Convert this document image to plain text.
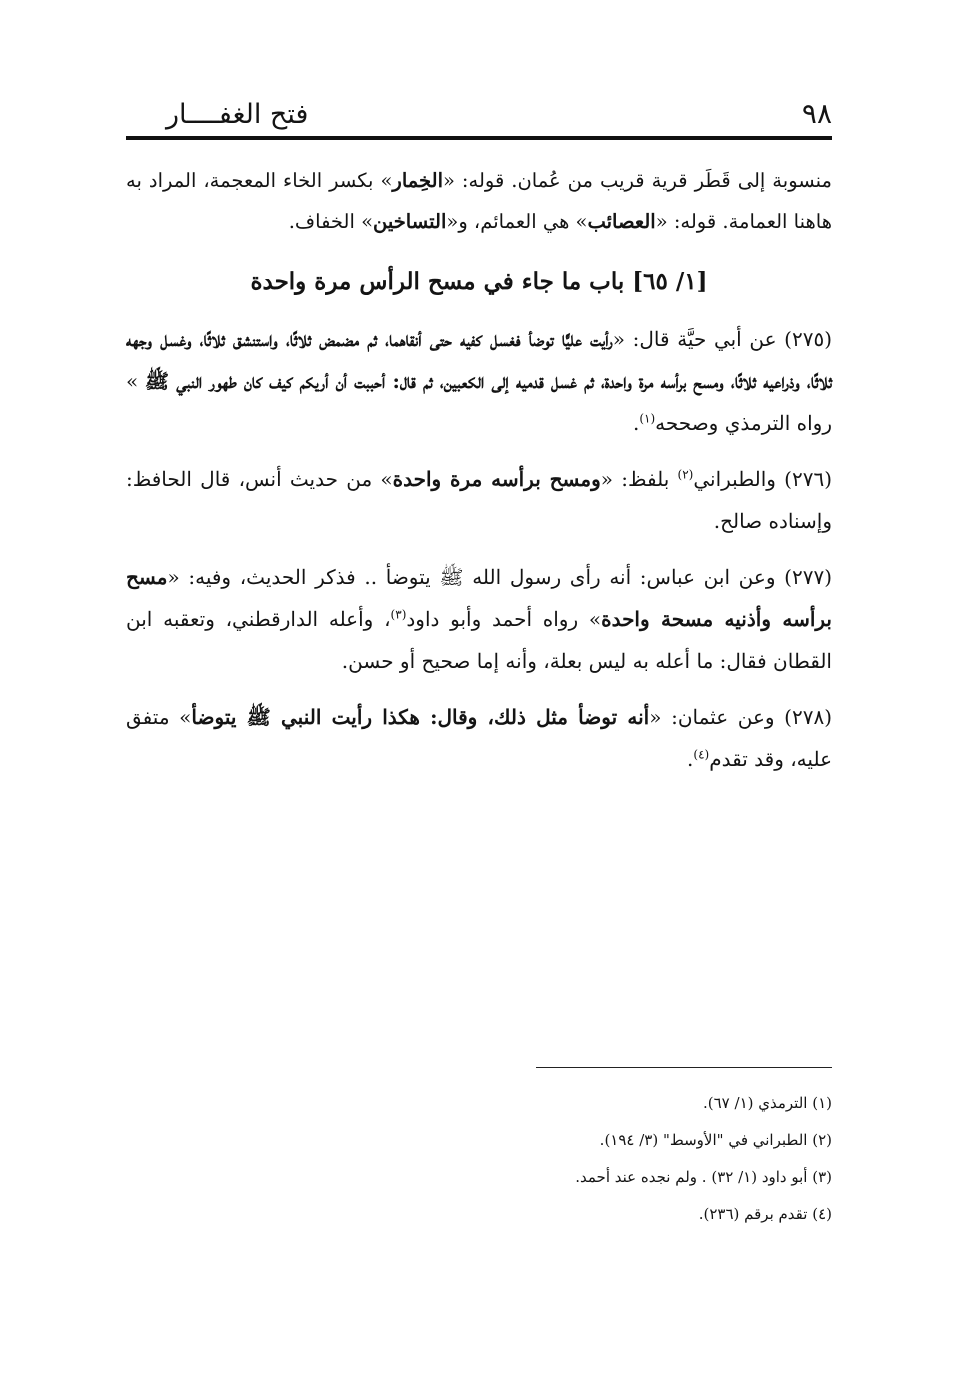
٩٨
فتح الغفــــار

منسوبة إلى قَطَر قرية قريب من عُمان. قوله: «الخِمار» بكسر الخاء المعجمة، المراد به هاهنا العمامة. قوله: «العصائب» هي العمائم، و«التساخين» الخفاف.

[١/ ٦٥] باب ما جاء في مسح الرأس مرة واحدة

(٢٧٥) عن أبي حيَّة قال: «رأيت عليًّا توضأ فغسل كفيه حتى أنقاهما، ثم مضمض ثلاثًا، واستنشق ثلاثًا، وغسل وجهه ثلاثًا، وذراعيه ثلاثًا، ومسح برأسه مرة واحدة، ثم غسل قدميه إلى الكعبين، ثم قال: أحببت أن أريكم كيف كان طهور النبي ﷺ » رواه الترمذي وصححه$^{(١)}$.

(٢٧٦) والطبراني$^{(٢)}$ بلفظ: «ومسح برأسه مرة واحدة» من حديث أنس، قال الحافظ: وإسناده صالح.

(٢٧٧) وعن ابن عباس: أنه رأى رسول الله ﷺ يتوضأ .. فذكر الحديث، وفيه: «مسح برأسه وأذنيه مسحة واحدة» رواه أحمد وأبو داود$^{(٣)}$، وأعله الدارقطني، وتعقبه ابن القطان فقال: ما أعله به ليس بعلة، وأنه إما صحيح أو حسن.

(٢٧٨) وعن عثمان: «أنه توضأ مثل ذلك، وقال: هكذا رأيت النبي ﷺ يتوضأ» متفق عليه، وقد تقدم$^{(٤)}$.

(١) الترمذي (١/ ٦٧).
(٢) الطبراني في "الأوسط" (٣/ ١٩٤).
(٣) أبو داود (١/ ٣٢) . ولم نجده عند أحمد.
(٤) تقدم برقم (٢٣٦).
